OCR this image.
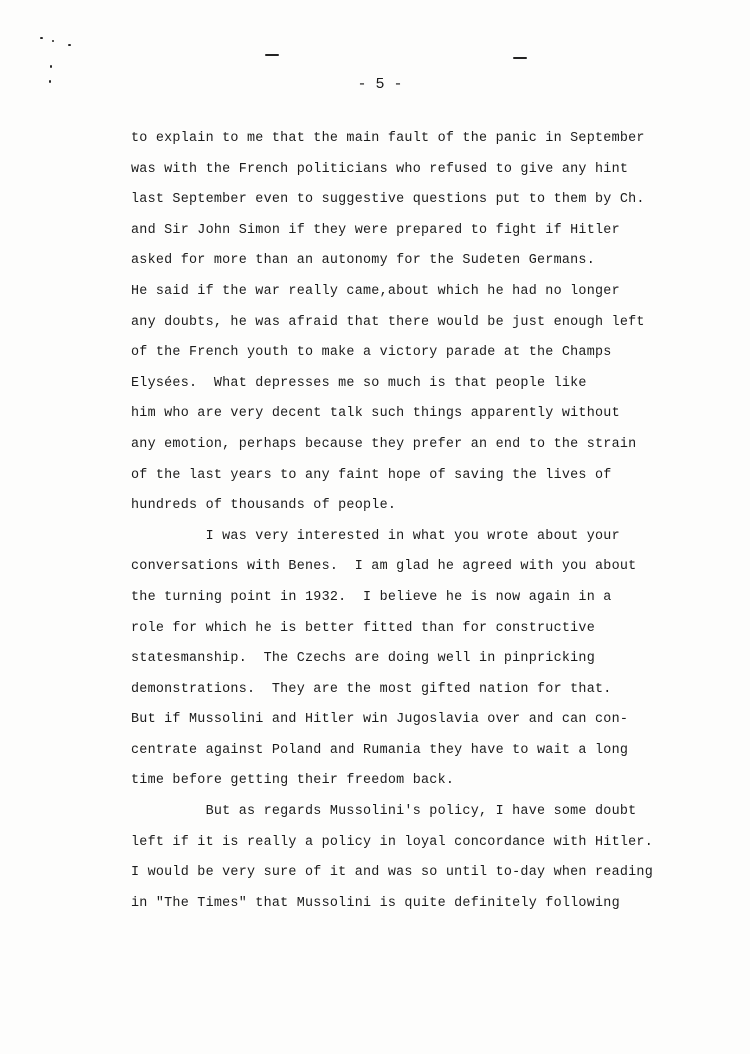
- 5 -
to explain to me that the main fault of the panic in September
was with the French politicians who refused to give any hint
last September even to suggestive questions put to them by Ch.
and Sir John Simon if they were prepared to fight if Hitler
asked for more than an autonomy for the Sudeten Germans.
He said if the war really came,about which he had no longer
any doubts, he was afraid that there would be just enough left
of the French youth to make a victory parade at the Champs
Elysées.  What depresses me so much is that people like
him who are very decent talk such things apparently without
any emotion, perhaps because they prefer an end to the strain
of the last years to any faint hope of saving the lives of
hundreds of thousands of people.
I was very interested in what you wrote about your
conversations with Benes.  I am glad he agreed with you about
the turning point in 1932.  I believe he is now again in a
role for which he is better fitted than for constructive
statesmanship.  The Czechs are doing well in pinpricking
demonstrations.  They are the most gifted nation for that.
But if Mussolini and Hitler win Jugoslavia over and can con-
centrate against Poland and Rumania they have to wait a long
time before getting their freedom back.
But as regards Mussolini's policy, I have some doubt
left if it is really a policy in loyal concordance with Hitler.
I would be very sure of it and was so until to-day when reading
in "The Times" that Mussolini is quite definitely following
